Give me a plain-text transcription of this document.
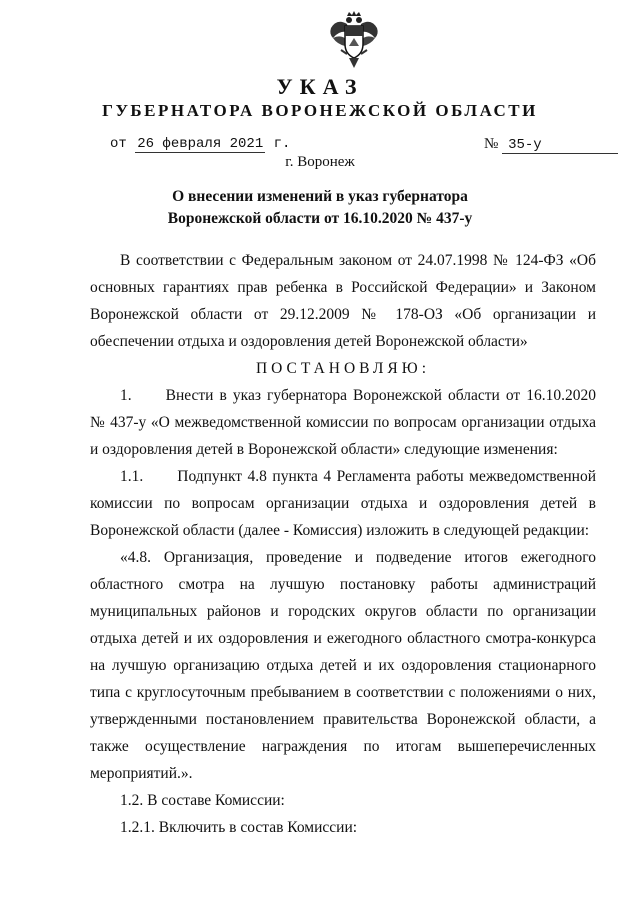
УКАЗ
ГУБЕРНАТОРА ВОРОНЕЖСКОЙ ОБЛАСТИ
от 26 февраля 2021 г.	№ 35-у
г. Воронеж
О внесении изменений в указ губернатора
Воронежской области от 16.10.2020 № 437-у

В соответствии с Федеральным законом от 24.07.1998 № 124-ФЗ «Об основных гарантиях прав ребенка в Российской Федерации» и Законом Воронежской области от 29.12.2009 № 178-ОЗ «Об организации и обеспечении отдыха и оздоровления детей Воронежской области»

ПОСТАНОВЛЯЮ:

1. Внести в указ губернатора Воронежской области от 16.10.2020 № 437-у «О межведомственной комиссии по вопросам организации отдыха и оздоровления детей в Воронежской области» следующие изменения:

1.1. Подпункт 4.8 пункта 4 Регламента работы межведомственной комиссии по вопросам организации отдыха и оздоровления детей в Воронежской области (далее - Комиссия) изложить в следующей редакции:

«4.8. Организация, проведение и подведение итогов ежегодного областного смотра на лучшую постановку работы администраций муниципальных районов и городских округов области по организации отдыха детей и их оздоровления и ежегодного областного смотра-конкурса на лучшую организацию отдыха детей и их оздоровления стационарного типа с круглосуточным пребыванием в соответствии с положениями о них, утвержденными постановлением правительства Воронежской области, а также осуществление награждения по итогам вышеперечисленных мероприятий.».

1.2. В составе Комиссии:

1.2.1. Включить в состав Комиссии:
